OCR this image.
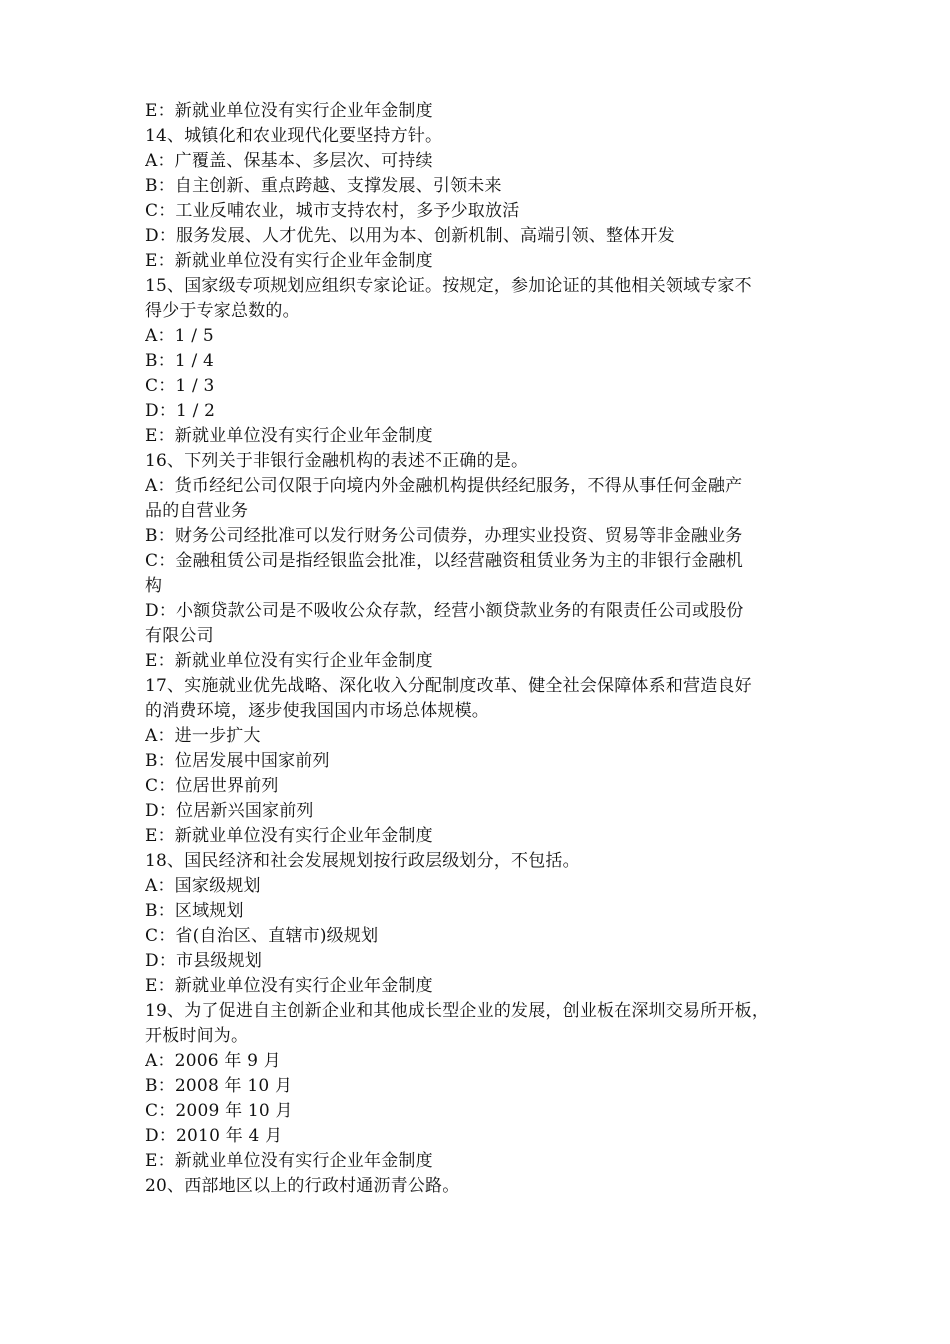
E：新就业单位没有实行企业年金制度
14、城镇化和农业现代化要坚持方针。
A：广覆盖、保基本、多层次、可持续
B：自主创新、重点跨越、支撑发展、引领未来
C：工业反哺农业，城市支持农村，多予少取放活
D：服务发展、人才优先、以用为本、创新机制、高端引领、整体开发
E：新就业单位没有实行企业年金制度
15、国家级专项规划应组织专家论证。按规定，参加论证的其他相关领域专家不
得少于专家总数的。
A：1 / 5
B：1 / 4
C：1 / 3
D：1 / 2
E：新就业单位没有实行企业年金制度
16、下列关于非银行金融机构的表述不正确的是。
A：货币经纪公司仅限于向境内外金融机构提供经纪服务，不得从事任何金融产
品的自营业务
B：财务公司经批准可以发行财务公司债券，办理实业投资、贸易等非金融业务
C：金融租赁公司是指经银监会批准，以经营融资租赁业务为主的非银行金融机
构
D：小额贷款公司是不吸收公众存款，经营小额贷款业务的有限责任公司或股份
有限公司
E：新就业单位没有实行企业年金制度
17、实施就业优先战略、深化收入分配制度改革、健全社会保障体系和营造良好
的消费环境，逐步使我国国内市场总体规模。
A：进一步扩大
B：位居发展中国家前列
C：位居世界前列
D：位居新兴国家前列
E：新就业单位没有实行企业年金制度
18、国民经济和社会发展规划按行政层级划分，不包括。
A：国家级规划
B：区域规划
C：省(自治区、直辖市)级规划
D：市县级规划
E：新就业单位没有实行企业年金制度
19、为了促进自主创新企业和其他成长型企业的发展，创业板在深圳交易所开板，
开板时间为。
A：2006 年 9 月
B：2008 年 10 月
C：2009 年 10 月
D：2010 年 4 月
E：新就业单位没有实行企业年金制度
20、西部地区以上的行政村通沥青公路。
